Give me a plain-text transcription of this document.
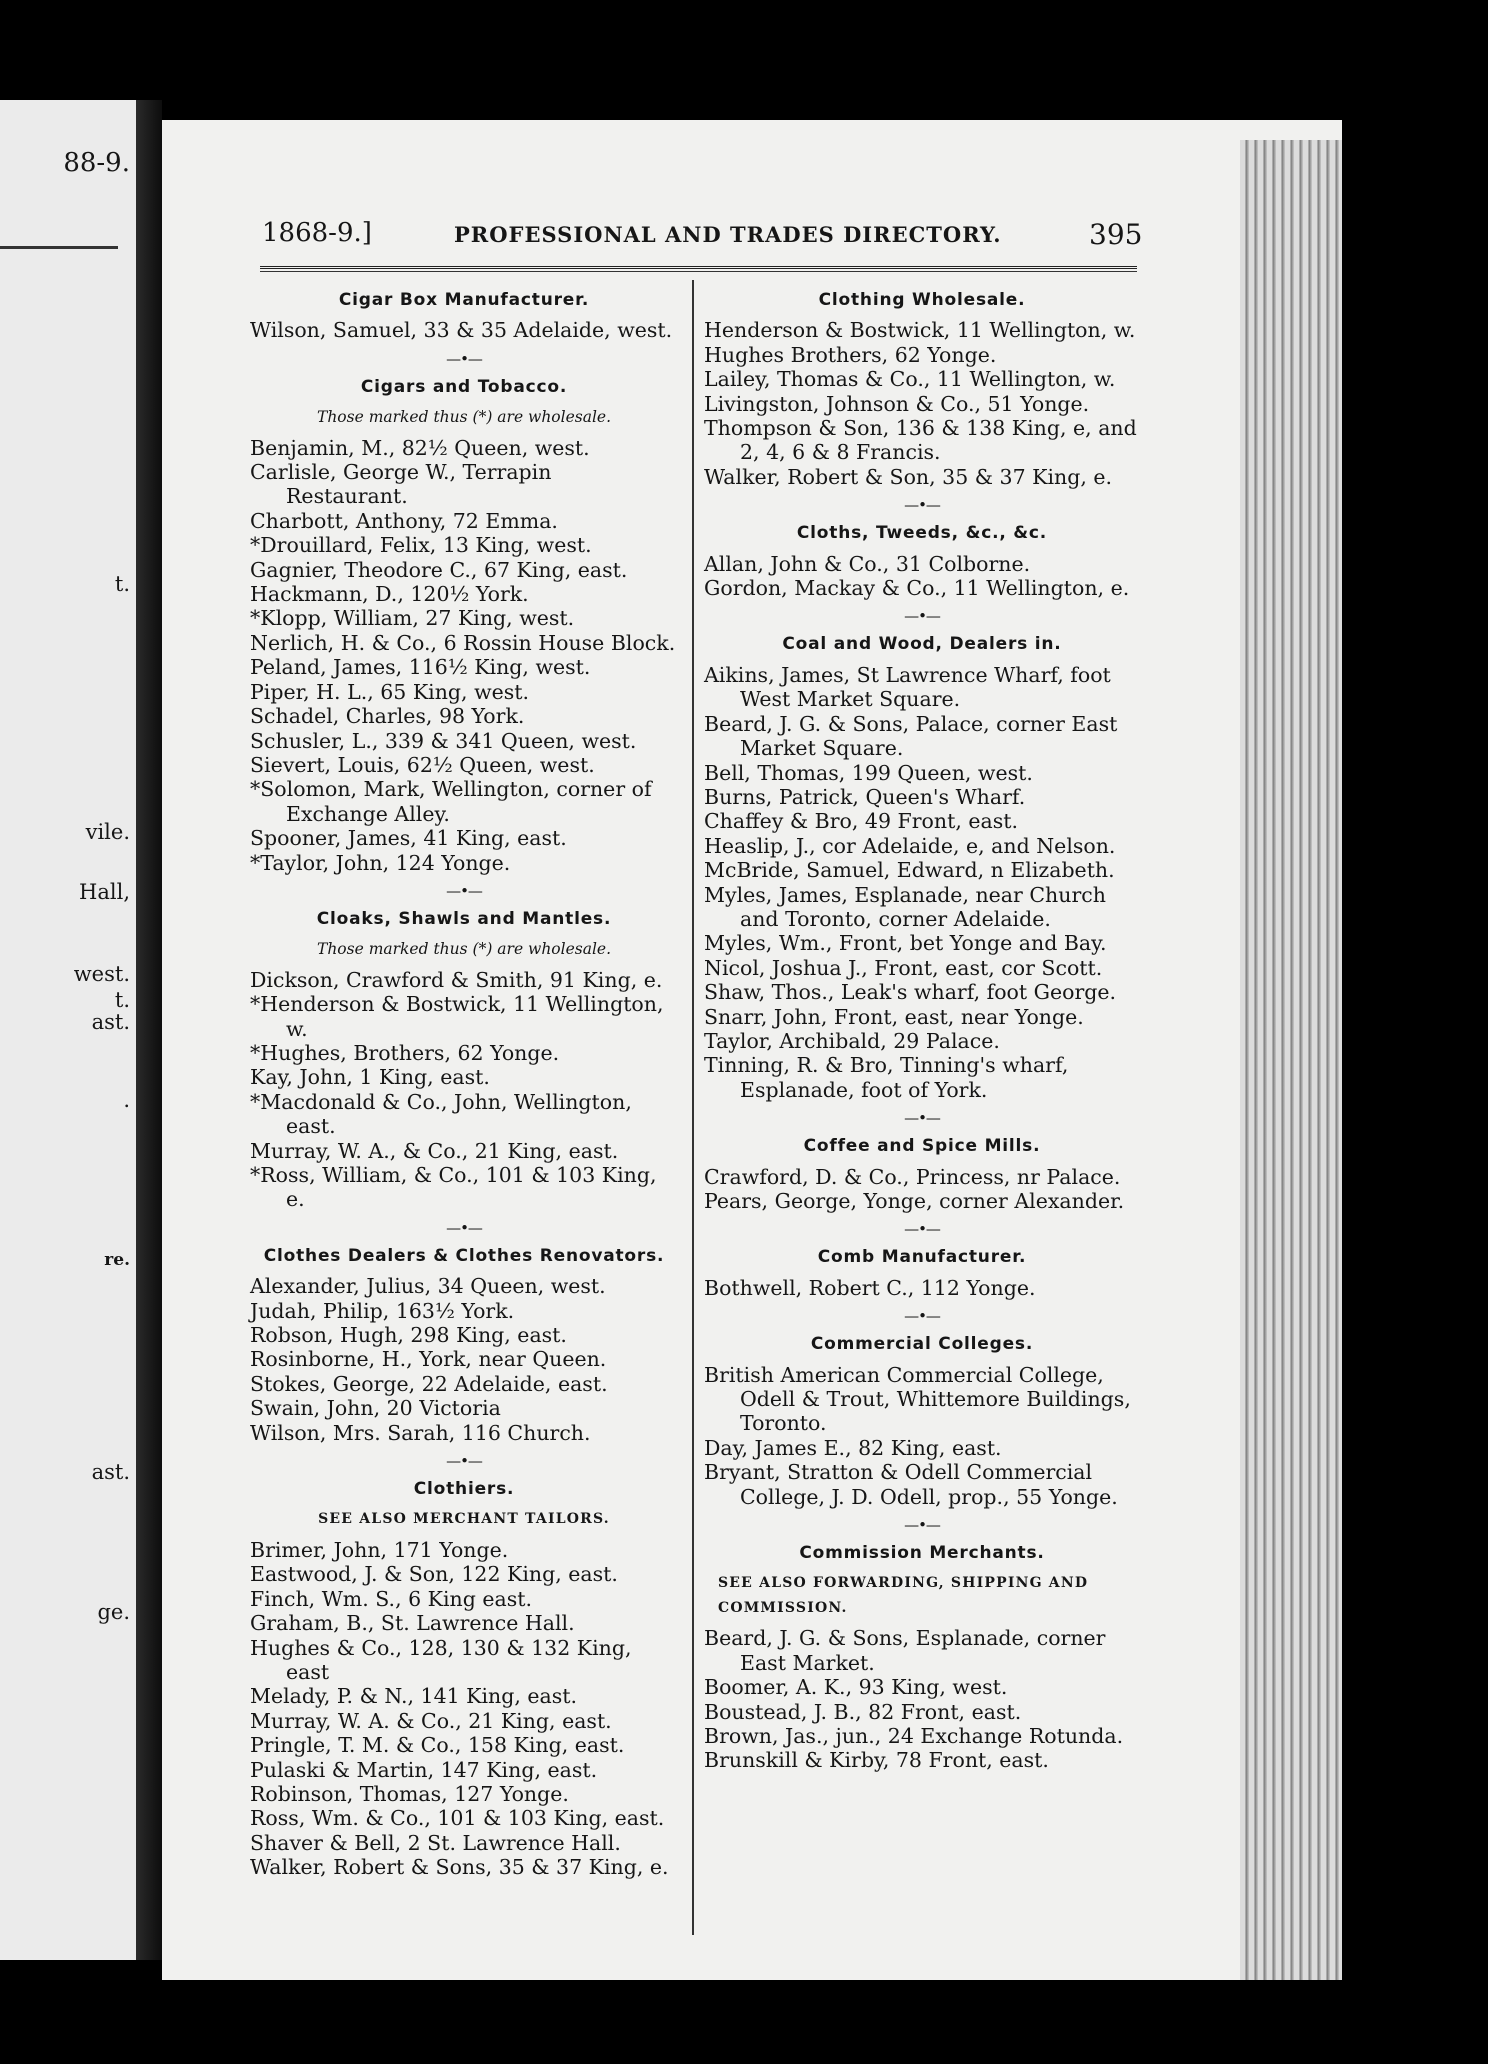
88-9.
t.
vile.
Hall,
west.
t.
ast.
.
re.
ast.
ge.
1868-9.]	PROFESSIONAL AND TRADES DIRECTORY.	395
Cigar Box Manufacturer.
Wilson, Samuel, 33 & 35 Adelaide, west.
—•—
Cigars and Tobacco.
Those marked thus (*) are wholesale.
Benjamin, M., 82½ Queen, west.
Carlisle, George W., Terrapin Restaurant.
Charbott, Anthony, 72 Emma.
*Drouillard, Felix, 13 King, west.
Gagnier, Theodore C., 67 King, east.
Hackmann, D., 120½ York.
*Klopp, William, 27 King, west.
Nerlich, H. & Co., 6 Rossin House Block.
Peland, James, 116½ King, west.
Piper, H. L., 65 King, west.
Schadel, Charles, 98 York.
Schusler, L., 339 & 341 Queen, west.
Sievert, Louis, 62½ Queen, west.
*Solomon, Mark, Wellington, corner of Exchange Alley.
Spooner, James, 41 King, east.
*Taylor, John, 124 Yonge.
—•—
Cloaks, Shawls and Mantles.
Those marked thus (*) are wholesale.
Dickson, Crawford & Smith, 91 King, e.
*Henderson & Bostwick, 11 Wellington, w.
*Hughes, Brothers, 62 Yonge.
Kay, John, 1 King, east.
*Macdonald & Co., John, Wellington, east.
Murray, W. A., & Co., 21 King, east.
*Ross, William, & Co., 101 & 103 King, e.
—•—
Clothes Dealers & Clothes Renovators.
Alexander, Julius, 34 Queen, west.
Judah, Philip, 163½ York.
Robson, Hugh, 298 King, east.
Rosinborne, H., York, near Queen.
Stokes, George, 22 Adelaide, east.
Swain, John, 20 Victoria
Wilson, Mrs. Sarah, 116 Church.
—•—
Clothiers.
SEE ALSO MERCHANT TAILORS.
Brimer, John, 171 Yonge.
Eastwood, J. & Son, 122 King, east.
Finch, Wm. S., 6 King east.
Graham, B., St. Lawrence Hall.
Hughes & Co., 128, 130 & 132 King, east
Melady, P. & N., 141 King, east.
Murray, W. A. & Co., 21 King, east.
Pringle, T. M. & Co., 158 King, east.
Pulaski & Martin, 147 King, east.
Robinson, Thomas, 127 Yonge.
Ross, Wm. & Co., 101 & 103 King, east.
Shaver & Bell, 2 St. Lawrence Hall.
Walker, Robert & Sons, 35 & 37 King, e.
Clothing Wholesale.
Henderson & Bostwick, 11 Wellington, w.
Hughes Brothers, 62 Yonge.
Lailey, Thomas & Co., 11 Wellington, w.
Livingston, Johnson & Co., 51 Yonge.
Thompson & Son, 136 & 138 King, e, and 2, 4, 6 & 8 Francis.
Walker, Robert & Son, 35 & 37 King, e.
—•—
Cloths, Tweeds, &c., &c.
Allan, John & Co., 31 Colborne.
Gordon, Mackay & Co., 11 Wellington, e.
—•—
Coal and Wood, Dealers in.
Aikins, James, St Lawrence Wharf, foot West Market Square.
Beard, J. G. & Sons, Palace, corner East Market Square.
Bell, Thomas, 199 Queen, west.
Burns, Patrick, Queen's Wharf.
Chaffey & Bro, 49 Front, east.
Heaslip, J., cor Adelaide, e, and Nelson.
McBride, Samuel, Edward, n Elizabeth.
Myles, James, Esplanade, near Church and Toronto, corner Adelaide.
Myles, Wm., Front, bet Yonge and Bay.
Nicol, Joshua J., Front, east, cor Scott.
Shaw, Thos., Leak's wharf, foot George.
Snarr, John, Front, east, near Yonge.
Taylor, Archibald, 29 Palace.
Tinning, R. & Bro, Tinning's wharf, Esplanade, foot of York.
—•—
Coffee and Spice Mills.
Crawford, D. & Co., Princess, nr Palace.
Pears, George, Yonge, corner Alexander.
—•—
Comb Manufacturer.
Bothwell, Robert C., 112 Yonge.
—•—
Commercial Colleges.
British American Commercial College, Odell & Trout, Whittemore Buildings, Toronto.
Day, James E., 82 King, east.
Bryant, Stratton & Odell Commercial College, J. D. Odell, prop., 55 Yonge.
—•—
Commission Merchants.
SEE ALSO FORWARDING, SHIPPING AND COMMISSION.
Beard, J. G. & Sons, Esplanade, corner East Market.
Boomer, A. K., 93 King, west.
Boustead, J. B., 82 Front, east.
Brown, Jas., jun., 24 Exchange Rotunda.
Brunskill & Kirby, 78 Front, east.
